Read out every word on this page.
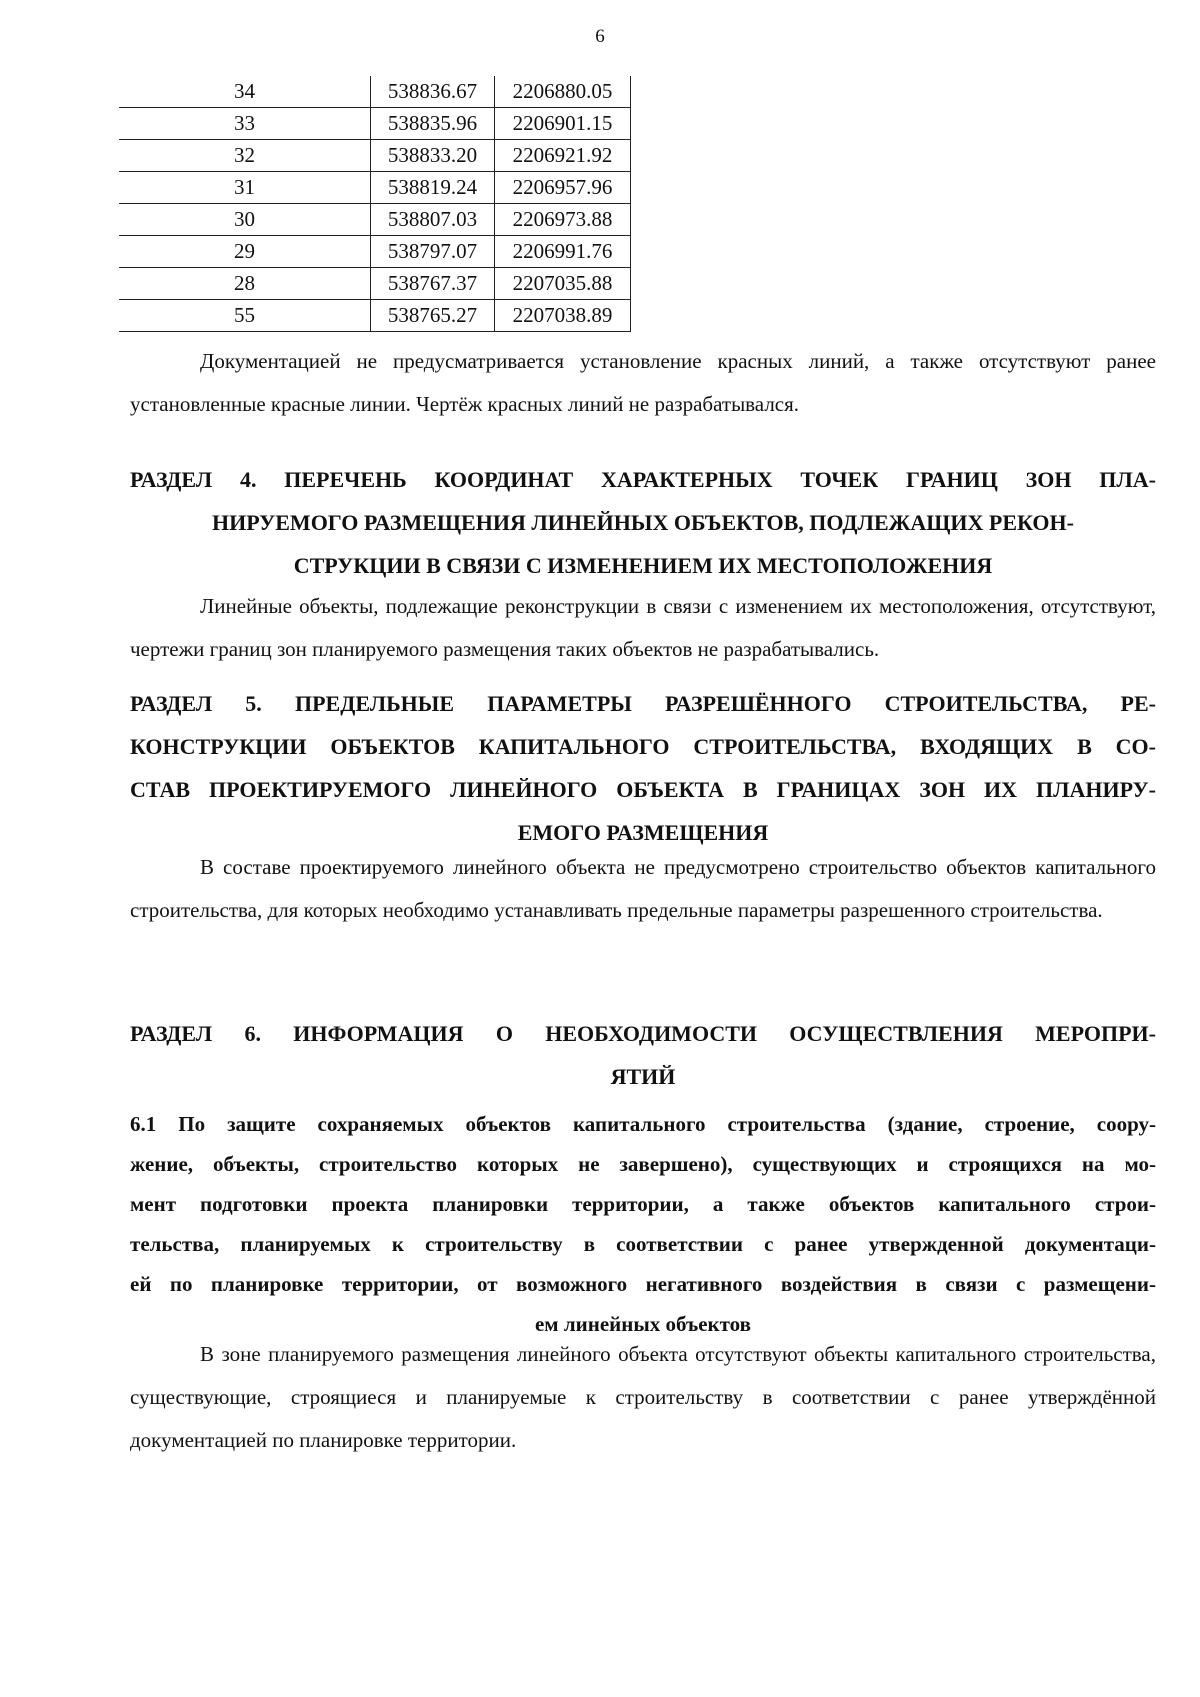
6
34	538836.67	2206880.05
33	538835.96	2206901.15
32	538833.20	2206921.92
31	538819.24	2206957.96
30	538807.03	2206973.88
29	538797.07	2206991.76
28	538767.37	2207035.88
55	538765.27	2207038.89

Документацией не предусматривается установление красных линий, а также отсутствуют ранее установленные красные линии. Чертёж красных линий не разрабатывался.

РАЗДЕЛ 4. ПЕРЕЧЕНЬ КООРДИНАТ ХАРАКТЕРНЫХ ТОЧЕК ГРАНИЦ ЗОН ПЛА-
НИРУЕМОГО РАЗМЕЩЕНИЯ ЛИНЕЙНЫХ ОБЪЕКТОВ, ПОДЛЕЖАЩИХ РЕКОН-
СТРУКЦИИ В СВЯЗИ С ИЗМЕНЕНИЕМ ИХ МЕСТОПОЛОЖЕНИЯ

Линейные объекты, подлежащие реконструкции в связи с изменением их местоположения, отсутствуют, чертежи границ зон планируемого размещения таких объектов не разрабатывались.

РАЗДЕЛ 5. ПРЕДЕЛЬНЫЕ ПАРАМЕТРЫ РАЗРЕШЁННОГО СТРОИТЕЛЬСТВА, РЕ-
КОНСТРУКЦИИ ОБЪЕКТОВ КАПИТАЛЬНОГО СТРОИТЕЛЬСТВА, ВХОДЯЩИХ В СО-
СТАВ ПРОЕКТИРУЕМОГО ЛИНЕЙНОГО ОБЪЕКТА В ГРАНИЦАХ ЗОН ИХ ПЛАНИРУ-
ЕМОГО РАЗМЕЩЕНИЯ

В составе проектируемого линейного объекта не предусмотрено строительство объектов капитального строительства, для которых необходимо устанавливать предельные параметры разрешенного строительства.

РАЗДЕЛ 6. ИНФОРМАЦИЯ О НЕОБХОДИМОСТИ ОСУЩЕСТВЛЕНИЯ МЕРОПРИ-
ЯТИЙ
6.1 По защите сохраняемых объектов капитального строительства (здание, строение, соору-
жение, объекты, строительство которых не завершено), существующих и строящихся на мо-
мент подготовки проекта планировки территории, а также объектов капитального строи-
тельства, планируемых к строительству в соответствии с ранее утвержденной документаци-
ей по планировке территории, от возможного негативного воздействия в связи с размещени-
ем линейных объектов

В зоне планируемого размещения линейного объекта отсутствуют объекты капитального строительства, существующие, строящиеся и планируемые к строительству в соответствии с ранее утверждённой документацией по планировке территории.
